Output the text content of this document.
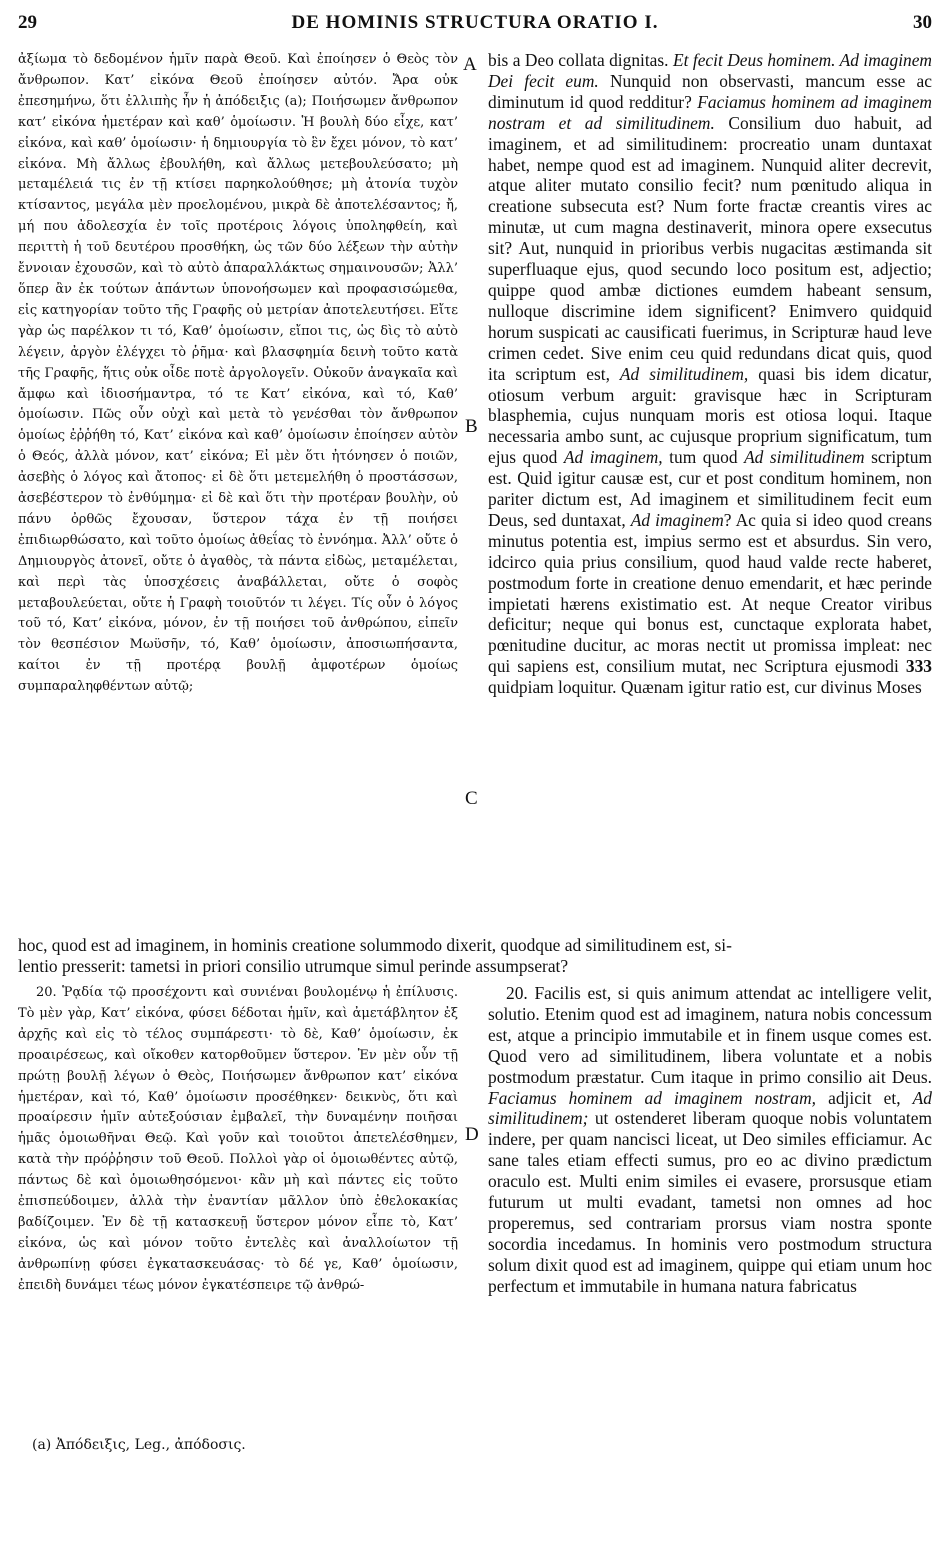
29	DE HOMINIS STRUCTURA ORATIO I.	30

ἀξίωμα τὸ δεδομένον ἡμῖν παρὰ Θεοῦ. Καὶ ἐποίησεν ὁ Θεὸς τὸν ἄνθρωπον. Κατ’ εἰκόνα Θεοῦ ἐποίησεν αὐτόν. Ἄρα οὐκ ἐπεσημήνω, ὅτι ἐλλιπὴς ἦν ἡ ἀπόδειξις (a); Ποιήσωμεν ἄνθρωπον κατ’ εἰκόνα ἡμετέραν καὶ καθ’ ὁμοίωσιν. Ἡ βουλὴ δύο εἶχε, κατ’ εἰκόνα, καὶ καθ’ ὁμοίωσιν· ἡ δημιουργία τὸ ἓν ἔχει μόνον, τὸ κατ’ εἰκόνα. Μὴ ἄλλως ἐβουλήθη, καὶ ἄλλως μετεβουλεύσατο; μὴ μεταμέλειά τις ἐν τῇ κτίσει παρηκολούθησε; μὴ ἀτονία τυχὸν κτίσαντος, μεγάλα μὲν προελομένου, μικρὰ δὲ ἀποτελέσαντος; ἤ, μή που ἀδολεσχία ἐν τοῖς προτέροις λόγοις ὑποληφθείη, καὶ περιττὴ ἡ τοῦ δευτέρου προσθήκη, ὡς τῶν δύο λέξεων τὴν αὐτὴν ἔννοιαν ἐχουσῶν, καὶ τὸ αὐτὸ ἀπαραλλάκτως σημαινουσῶν; Ἀλλ’ ὅπερ ἂν ἐκ τούτων ἁπάντων ὑπονοήσωμεν καὶ προφασισώμεθα, εἰς κατηγορίαν τοῦτο τῆς Γραφῆς οὐ μετρίαν ἀποτελευτήσει. Εἴτε γὰρ ὡς παρέλκον τι τό, Καθ’ ὁμοίωσιν, εἴποι τις, ὡς δὶς τὸ αὐτὸ λέγειν, ἀργὸν ἐλέγχει τὸ ῥῆμα· καὶ βλασφημία δεινὴ τοῦτο κατὰ τῆς Γραφῆς, ἥτις οὐκ οἶδε ποτὲ ἀργολογεῖν. Οὐκοῦν ἀναγκαῖα καὶ ἄμφω καὶ ἰδιοσήμαντρα, τό τε Κατ’ εἰκόνα, καὶ τό, Καθ’ ὁμοίωσιν. Πῶς οὖν οὐχὶ καὶ μετὰ τὸ γενέσθαι τὸν ἄνθρωπον ὁμοίως ἐῤῥήθη τό, Κατ’ εἰκόνα καὶ καθ’ ὁμοίωσιν ἐποίησεν αὐτὸν ὁ Θεός, ἀλλὰ μόνον, κατ’ εἰκόνα; Εἰ μὲν ὅτι ἠτόνησεν ὁ ποιῶν, ἀσεβὴς ὁ λόγος καὶ ἄτοπος· εἰ δὲ ὅτι μετεμελήθη ὁ προστάσσων, ἀσεβέστερον τὸ ἐνθύμημα· εἰ δὲ καὶ ὅτι τὴν προτέραν βουλὴν, οὐ πάνυ ὀρθῶς ἔχουσαν, ὕστερον τάχα ἐν τῇ ποιήσει ἐπιδιωρθώσατο, καὶ τοῦτο ὁμοίως ἀθεΐας τὸ ἐννόημα. Ἀλλ’ οὔτε ὁ Δημιουργὸς ἀτονεῖ, οὔτε ὁ ἀγαθὸς, τὰ πάντα εἰδὼς, μεταμέλεται, καὶ περὶ τὰς ὑποσχέσεις ἀναβάλλεται, οὔτε ὁ σοφὸς μεταβουλεύεται, οὔτε ἡ Γραφὴ τοιοῦτόν τι λέγει. Τίς οὖν ὁ λόγος τοῦ τό, Κατ’ εἰκόνα, μόνον, ἐν τῇ ποιήσει τοῦ ἀνθρώπου, εἰπεῖν τὸν θεσπέσιον Μωϋσῆν, τό, Καθ’ ὁμοίωσιν, ἀποσιωπήσαντα, καίτοι ἐν τῇ προτέρᾳ βουλῇ ἀμφοτέρων ὁμοίως συμπαραληφθέντων αὐτῷ;

bis a Deo collata dignitas. Et fecit Deus hominem. Ad imaginem Dei fecit eum. Nunquid non observasti, mancum esse ac diminutum id quod redditur? Faciamus hominem ad imaginem nostram et ad similitudinem. Consilium duo habuit, ad imaginem, et ad similitudinem: procreatio unam duntaxat habet, nempe quod est ad imaginem. Nunquid aliter decrevit, atque aliter mutato consilio fecit? num pœnitudo aliqua in creatione subsecuta est? Num forte fractæ creantis vires ac minutæ, ut cum magna destinaverit, minora opere exsecutus sit? Aut, nunquid in prioribus verbis nugacitas æstimanda sit superfluaque ejus, quod secundo loco positum est, adjectio; quippe quod ambæ dictiones eumdem habeant sensum, nulloque discrimine idem significent? Enimvero quidquid horum suspicati ac causificati fuerimus, in Scripturæ haud leve crimen cedet. Sive enim ceu quid redundans dicat quis, quod ita scriptum est, Ad similitudinem, quasi bis idem dicatur, otiosum verbum arguit: gravisque hæc in Scripturam blasphemia, cujus nunquam moris est otiosa loqui. Itaque necessaria ambo sunt, ac cujusque proprium significatum, tum ejus quod Ad imaginem, tum quod Ad similitudinem scriptum est. Quid igitur causæ est, cur et post conditum hominem, non pariter dictum est, Ad imaginem et similitudinem fecit eum Deus, sed duntaxat, Ad imaginem? Ac quia si ideo quod creans minutus potentia est, impius sermo est et absurdus. Sin vero, idcirco quia prius consilium, quod haud valde recte haberet, postmodum forte in creatione denuo emendarit, et hæc perinde impietati hærens existimatio est. At neque Creator viribus deficitur; neque qui bonus est, cunctaque explorata habet, pœnitudine ducitur, ac moras nectit ut promissa impleat: nec qui sapiens est, consilium mutat, nec Scriptura ejusmodi 333 quidpiam loquitur. Quænam igitur ratio est, cur divinus Moses

hoc, quod est ad imaginem, in hominis creatione solummodo dixerit, quodque ad similitudinem est, si-
lentio presserit: tametsi in priori consilio utrumque simul perinde assumpserat?

20. Ῥᾳδία τῷ προσέχοντι καὶ συνιέναι βουλομένῳ ἡ ἐπίλυσις. Τὸ μὲν γὰρ, Κατ’ εἰκόνα, φύσει δέδοται ἡμῖν, καὶ ἀμετάβλητον ἐξ ἀρχῆς καὶ εἰς τὸ τέλος συμπάρεστι· τὸ δὲ, Καθ’ ὁμοίωσιν, ἐκ προαιρέσεως, καὶ οἴκοθεν κατορθοῦμεν ὕστερον. Ἐν μὲν οὖν τῇ πρώτῃ βουλῇ λέγων ὁ Θεὸς, Ποιήσωμεν ἄνθρωπον κατ’ εἰκόνα ἡμετέραν, καὶ τό, Καθ’ ὁμοίωσιν προσέθηκεν· δεικνὺς, ὅτι καὶ προαίρεσιν ἡμῖν αὐτεξούσιαν ἐμβαλεῖ, τὴν δυναμένην ποιῆσαι ἡμᾶς ὁμοιωθῆναι Θεῷ. Καὶ γοῦν καὶ τοιοῦτοι ἀπετελέσθημεν, κατὰ τὴν πρόῤῥησιν τοῦ Θεοῦ. Πολλοὶ γὰρ οἱ ὁμοιωθέντες αὐτῷ, πάντως δὲ καὶ ὁμοιωθησόμενοι· κἂν μὴ καὶ πάντες εἰς τοῦτο ἐπισπεύδοιμεν, ἀλλὰ τὴν ἐναντίαν μᾶλλον ὑπὸ ἐθελοκακίας βαδίζοιμεν. Ἐν δὲ τῇ κατασκευῇ ὕστερον μόνον εἶπε τὸ, Κατ’ εἰκόνα, ὡς καὶ μόνον τοῦτο ἐντελὲς καὶ ἀναλλοίωτον τῇ ἀνθρωπίνῃ φύσει ἐγκατασκευάσας· τὸ δέ γε, Καθ’ ὁμοίωσιν, ἐπειδὴ δυνάμει τέως μόνον ἐγκατέσπειρε τῷ ἀνθρώ-

20. Facilis est, si quis animum attendat ac intelligere velit, solutio. Etenim quod est ad imaginem, natura nobis concessum est, atque a principio immutabile et in finem usque comes est. Quod vero ad similitudinem, libera voluntate et a nobis postmodum præstatur. Cum itaque in primo consilio ait Deus. Faciamus hominem ad imaginem nostram, adjicit et, Ad similitudinem; ut ostenderet liberam quoque nobis voluntatem indere, per quam nancisci liceat, ut Deo similes efficiamur. Ac sane tales etiam effecti sumus, pro eo ac divino prædictum oraculo est. Multi enim similes ei evasere, prorsusque etiam futurum ut multi evadant, tametsi non omnes ad hoc properemus, sed contrariam prorsus viam nostra sponte socordia incedamus. In hominis vero postmodum structura solum dixit quod est ad imaginem, quippe qui etiam unum hoc perfectum et immutabile in humana natura fabricatus

A
B
C
D
(a) Ἀπόδειξις, Leg., ἀπόδοσις.
